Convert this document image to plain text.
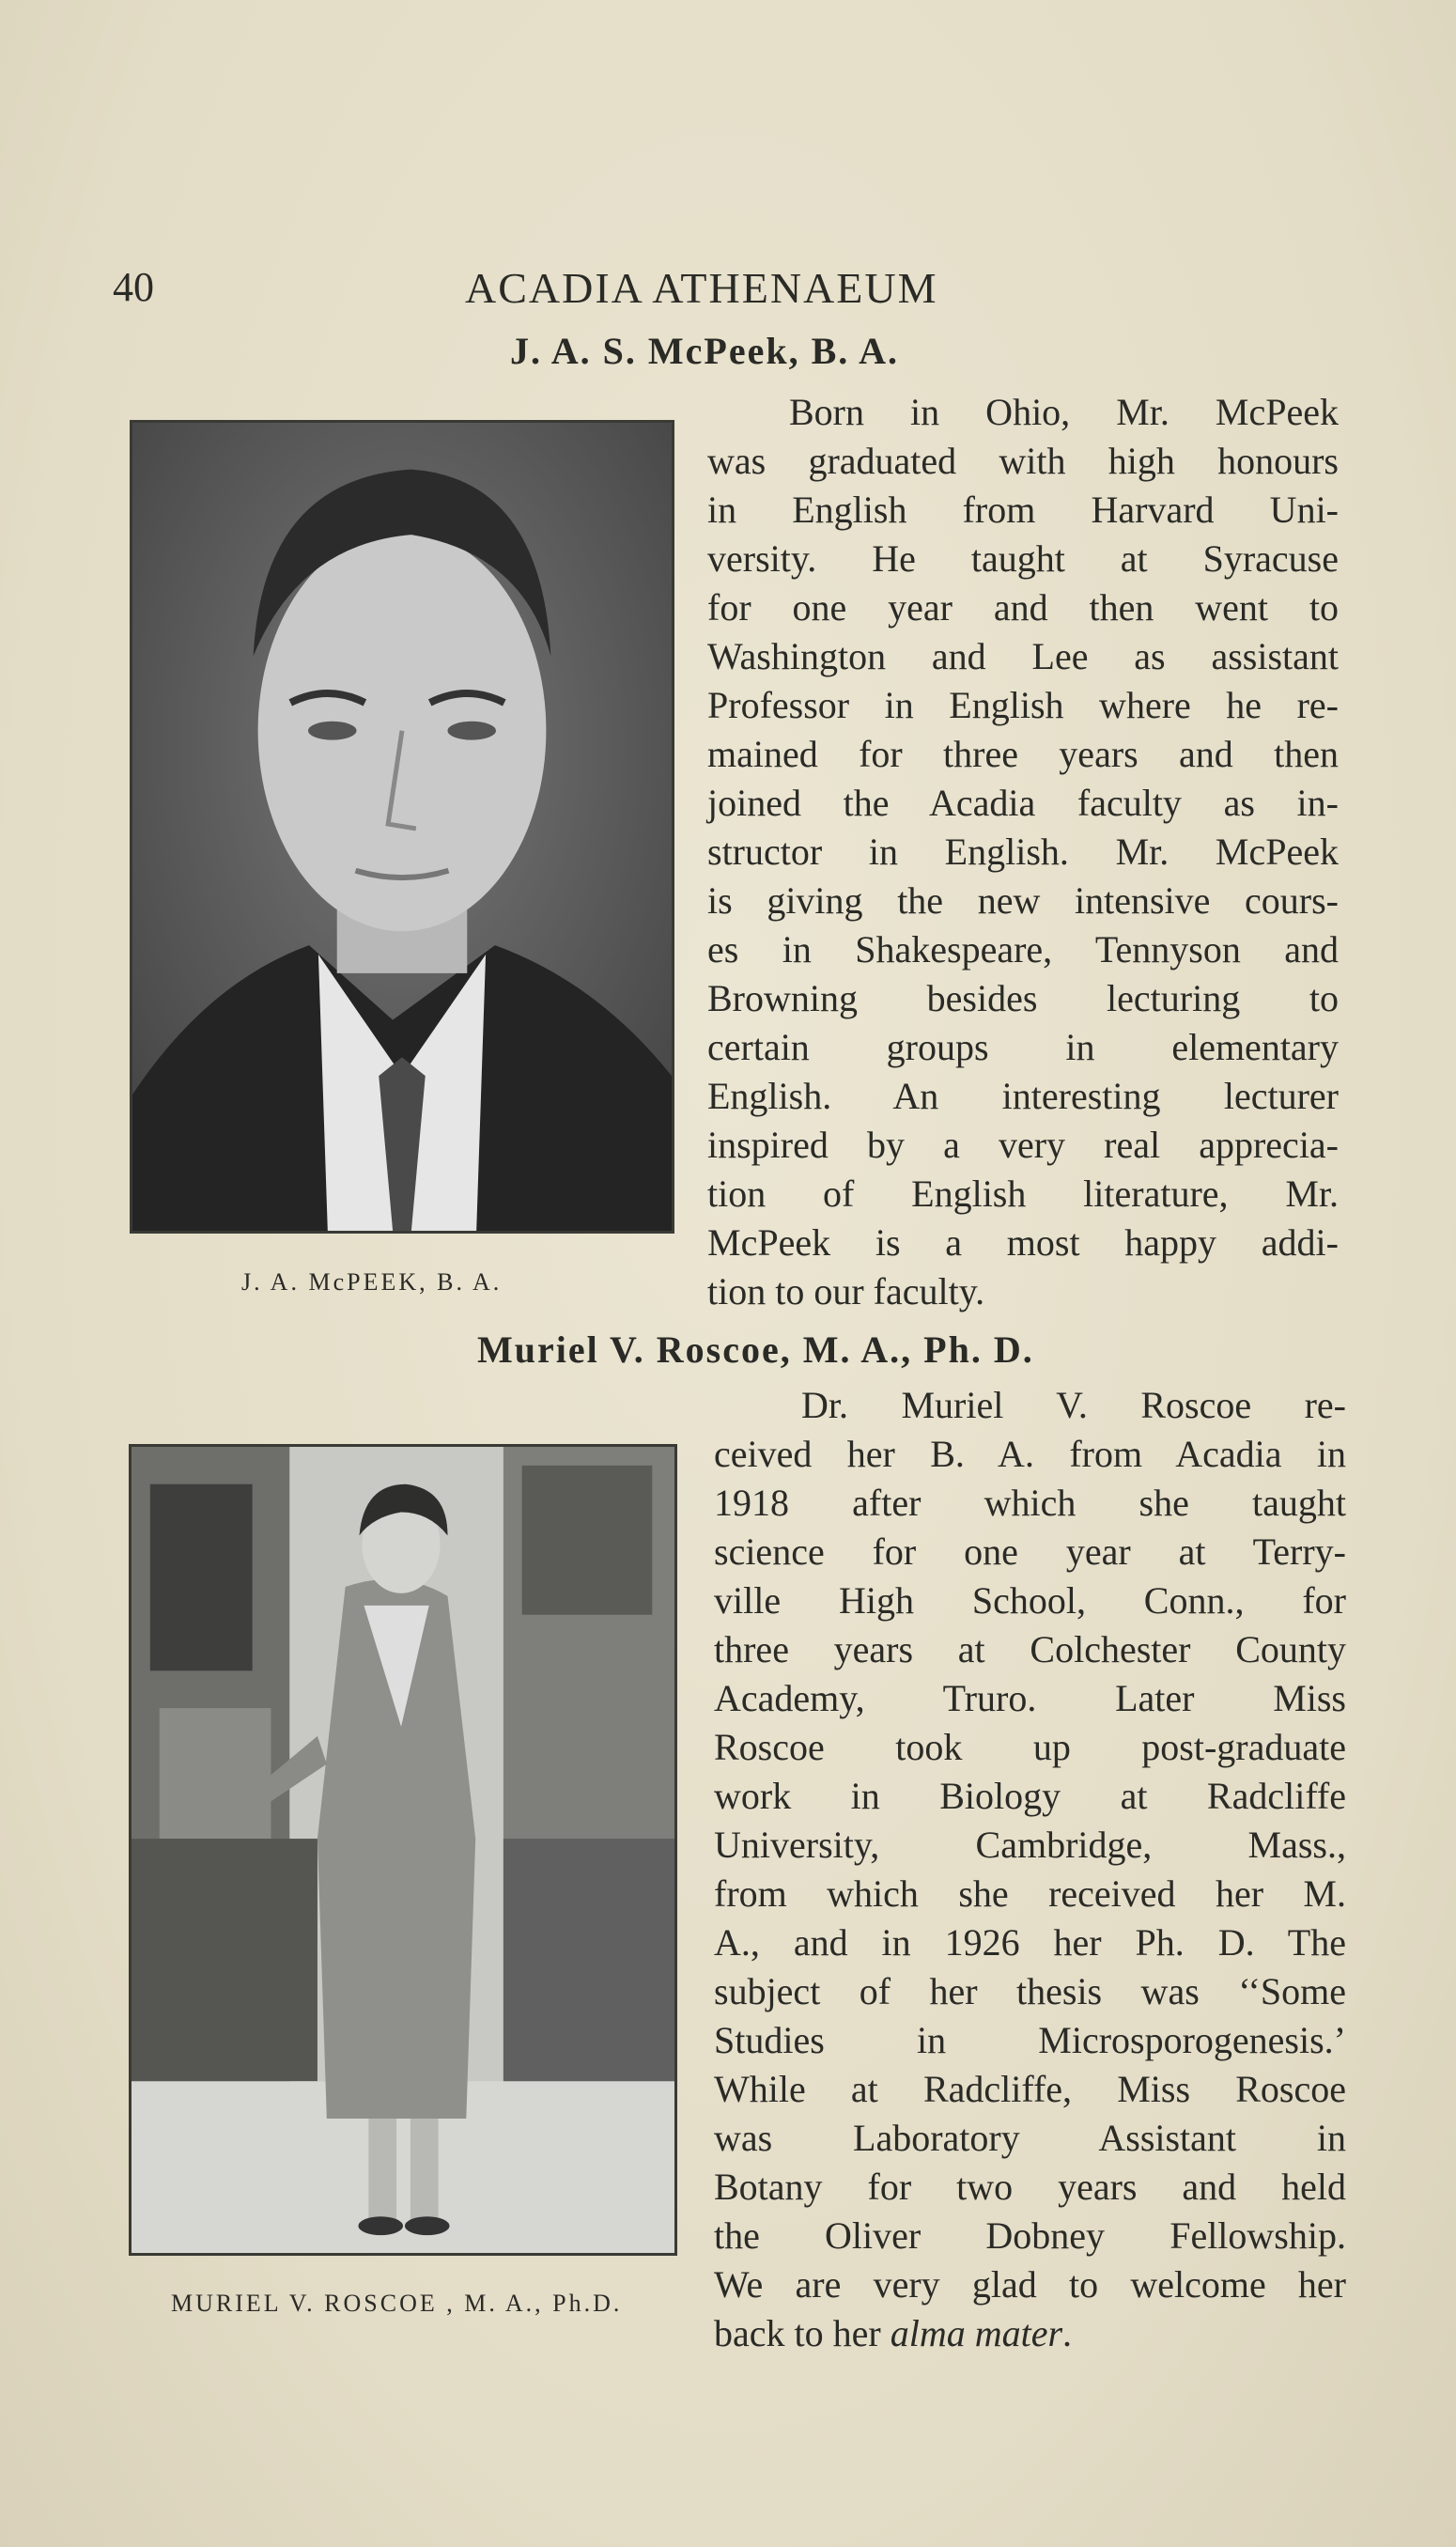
40	ACADIA ATHENAEUM
J. A. S. McPeek, B. A.
J. A. McPEEK, B. A.
Born in Ohio, Mr. McPeek
was graduated with high honours
in English from Harvard Uni-
versity. He taught at Syracuse
for one year and then went to
Washington and Lee as assistant
Professor in English where he re-
mained for three years and then
joined the Acadia faculty as in-
structor in English. Mr. McPeek
is giving the new intensive cours-
es in Shakespeare, Tennyson and
Browning besides lecturing to
certain groups in elementary
English. An interesting lecturer
inspired by a very real apprecia-
tion of English literature, Mr.
McPeek is a most happy addi-
tion to our faculty.
Muriel V. Roscoe, M. A., Ph. D.
MURIEL V. ROSCOE , M. A., Ph.D.
Dr. Muriel V. Roscoe re-
ceived her B. A. from Acadia in
1918 after which she taught
science for one year at Terry-
ville High School, Conn., for
three years at Colchester County
Academy, Truro. Later Miss
Roscoe took up post-graduate
work in Biology at Radcliffe
University, Cambridge, Mass.,
from which she received her M.
A., and in 1926 her Ph. D. The
subject of her thesis was ‘‘Some
Studies in Microsporogenesis.’
While at Radcliffe, Miss Roscoe
was Laboratory Assistant in
Botany for two years and held
the Oliver Dobney Fellowship.
We are very glad to welcome her
back to her alma mater.
